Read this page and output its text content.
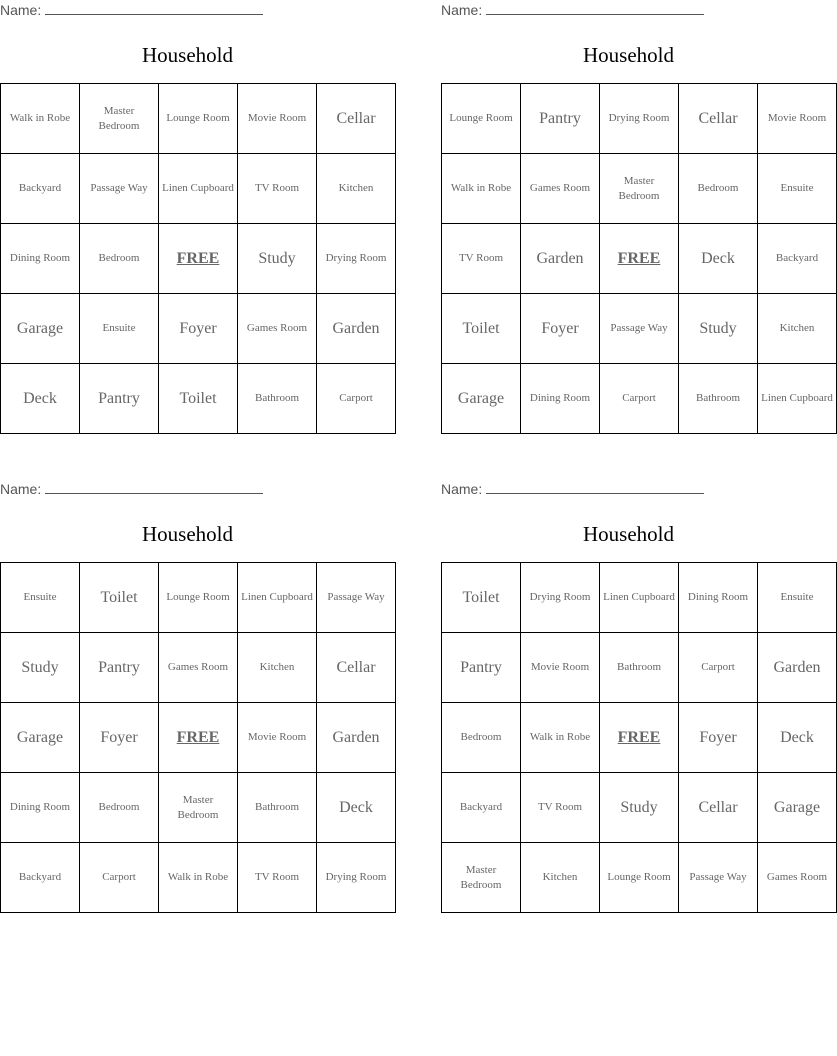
Name:
Household
Walk in Robe	Master Bedroom	Lounge Room	Movie Room	Cellar
Backyard	Passage Way	Linen Cupboard	TV Room	Kitchen
Dining Room	Bedroom	FREE	Study	Drying Room
Garage	Ensuite	Foyer	Games Room	Garden
Deck	Pantry	Toilet	Bathroom	Carport
Name:
Household
Lounge Room	Pantry	Drying Room	Cellar	Movie Room
Walk in Robe	Games Room	Master Bedroom	Bedroom	Ensuite
TV Room	Garden	FREE	Deck	Backyard
Toilet	Foyer	Passage Way	Study	Kitchen
Garage	Dining Room	Carport	Bathroom	Linen Cupboard
Name:
Household
Ensuite	Toilet	Lounge Room	Linen Cupboard	Passage Way
Study	Pantry	Games Room	Kitchen	Cellar
Garage	Foyer	FREE	Movie Room	Garden
Dining Room	Bedroom	Master Bedroom	Bathroom	Deck
Backyard	Carport	Walk in Robe	TV Room	Drying Room
Name:
Household
Toilet	Drying Room	Linen Cupboard	Dining Room	Ensuite
Pantry	Movie Room	Bathroom	Carport	Garden
Bedroom	Walk in Robe	FREE	Foyer	Deck
Backyard	TV Room	Study	Cellar	Garage
Master Bedroom	Kitchen	Lounge Room	Passage Way	Games Room
